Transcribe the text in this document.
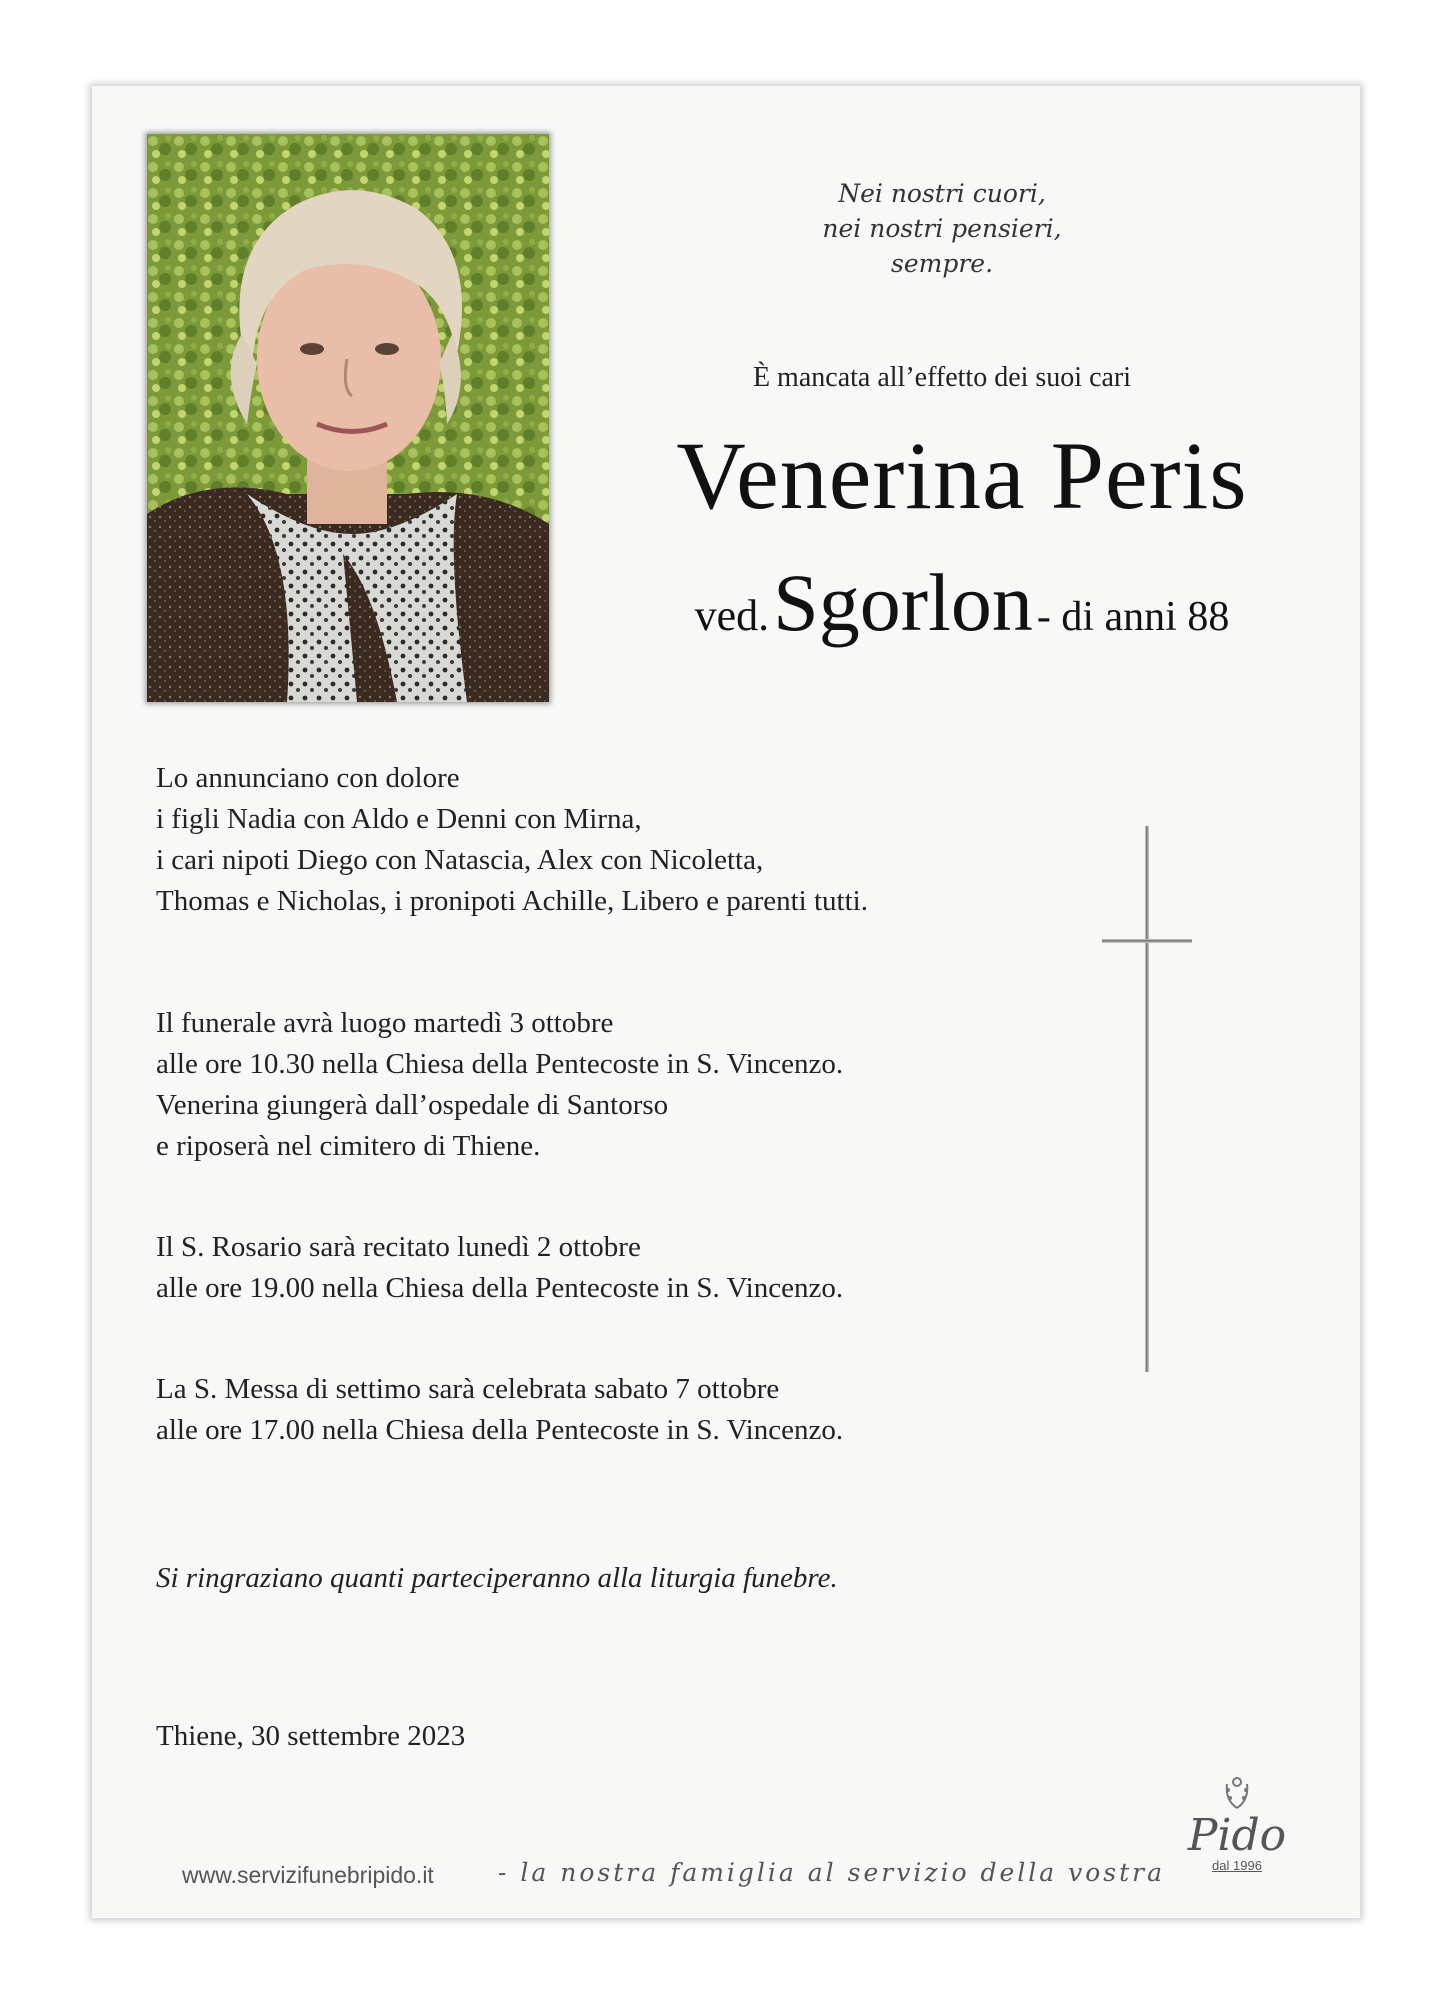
Nei nostri cuori,
nei nostri pensieri,
sempre.
È mancata all’effetto dei suoi cari
Venerina Peris
ved. Sgorlon - di anni 88
Lo annunciano con dolore
i figli Nadia con Aldo e Denni con Mirna,
i cari nipoti Diego con Natascia, Alex con Nicoletta,
Thomas e Nicholas, i pronipoti Achille, Libero e parenti tutti.
Il funerale avrà luogo martedì 3 ottobre
alle ore 10.30 nella Chiesa della Pentecoste in S. Vincenzo.
Venerina giungerà dall’ospedale di Santorso
e riposerà nel cimitero di Thiene.
Il S. Rosario sarà recitato lunedì 2 ottobre
alle ore 19.00 nella Chiesa della Pentecoste in S. Vincenzo.
La S. Messa di settimo sarà celebrata sabato 7 ottobre
alle ore 17.00 nella Chiesa della Pentecoste in S. Vincenzo.
Si ringraziano quanti parteciperanno alla liturgia funebre.
Thiene, 30 settembre 2023
www.servizifunebripido.it	- la nostra famiglia al servizio della vostra
Pido
dal 1996
